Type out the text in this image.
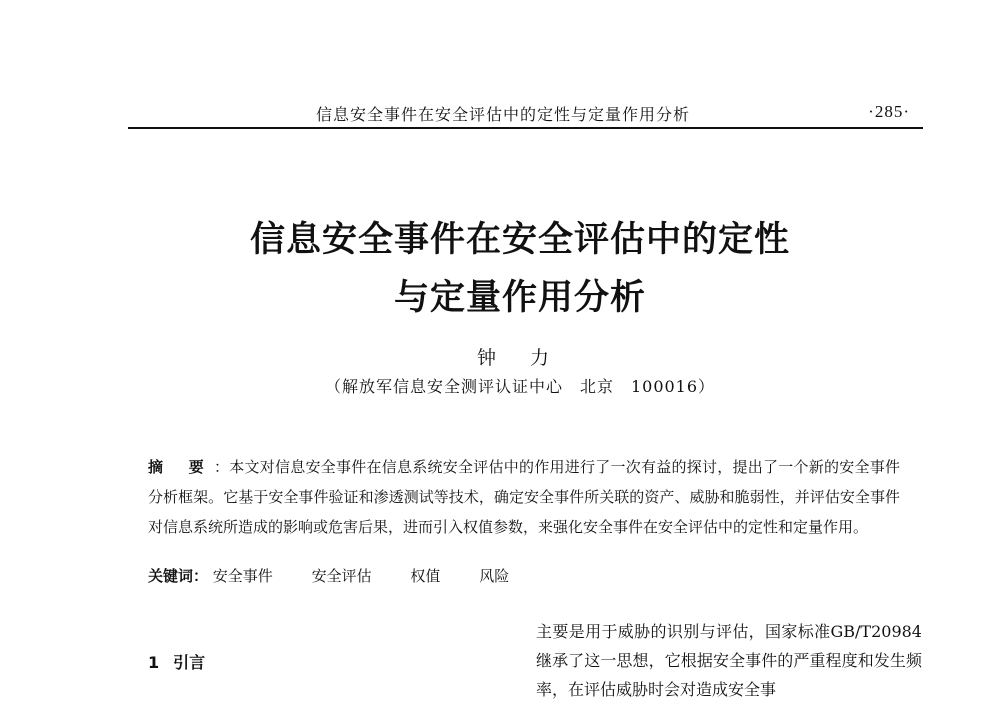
信息安全事件在安全评估中的定性与定量作用分析	·285·
信息安全事件在安全评估中的定性
与定量作用分析
钟 力
（解放军信息安全测评认证中心　北京　100016）
摘 要：本文对信息安全事件在信息系统安全评估中的作用进行了一次有益的探讨，提出了一个新的安全事件分析框架。它基于安全事件验证和渗透测试等技术，确定安全事件所关联的资产、威胁和脆弱性，并评估安全事件对信息系统所造成的影响或危害后果，进而引入权值参数，来强化安全事件在安全评估中的定性和定量作用。
关键词： 安全事件	安全评估	权值	风险
1 引言

主要是用于威胁的识别与评估，国家标准GB/T20984继承了这一思想，它根据安全事件的严重程度和发生频率，在评估威胁时会对造成安全事
